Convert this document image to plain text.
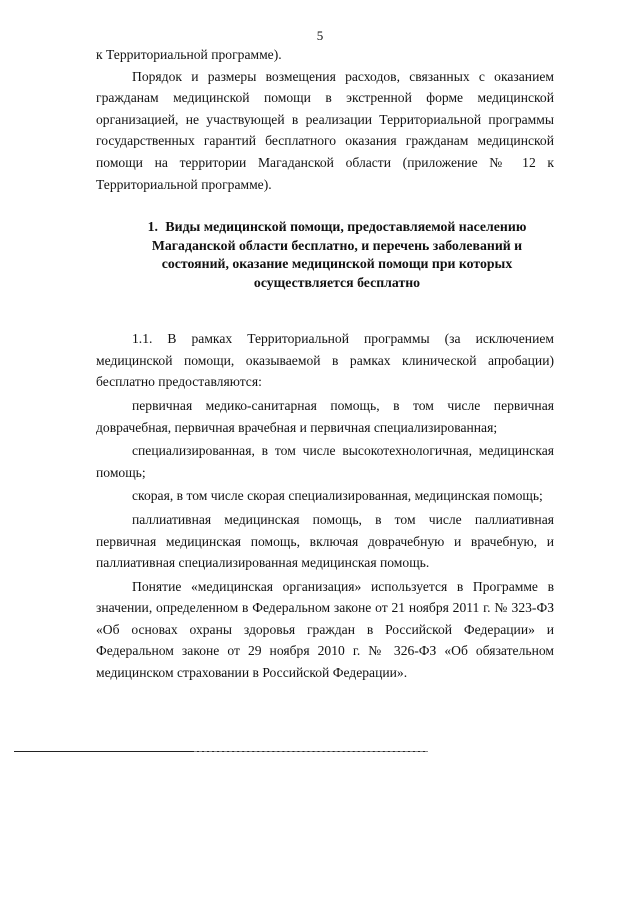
5

к Территориальной программе).

Порядок и размеры возмещения расходов, связанных с оказанием гражданам медицинской помощи в экстренной форме медицинской организацией, не участвующей в реализации Территориальной программы государственных гарантий бесплатного оказания гражданам медицинской помощи на территории Магаданской области (приложение № 12 к Территориальной программе).

1. Виды медицинской помощи, предоставляемой населению Магаданской области бесплатно, и перечень заболеваний и состояний, оказание медицинской помощи при которых осуществляется бесплатно

1.1. В рамках Территориальной программы (за исключением медицинской помощи, оказываемой в рамках клинической апробации) бесплатно предоставляются:

первичная медико-санитарная помощь, в том числе первичная доврачебная, первичная врачебная и первичная специализированная;

специализированная, в том числе высокотехнологичная, медицинская помощь;

скорая, в том числе скорая специализированная, медицинская помощь;

паллиативная медицинская помощь, в том числе паллиативная первичная медицинская помощь, включая доврачебную и врачебную, и паллиативная специализированная медицинская помощь.

Понятие «медицинская организация» используется в Программе в значении, определенном в Федеральном законе от 21 ноября 2011 г. № 323-ФЗ «Об основах охраны здоровья граждан в Российской Федерации» и Федеральном законе от 29 ноября 2010 г. № 326-ФЗ «Об обязательном медицинском страховании в Российской Федерации».
